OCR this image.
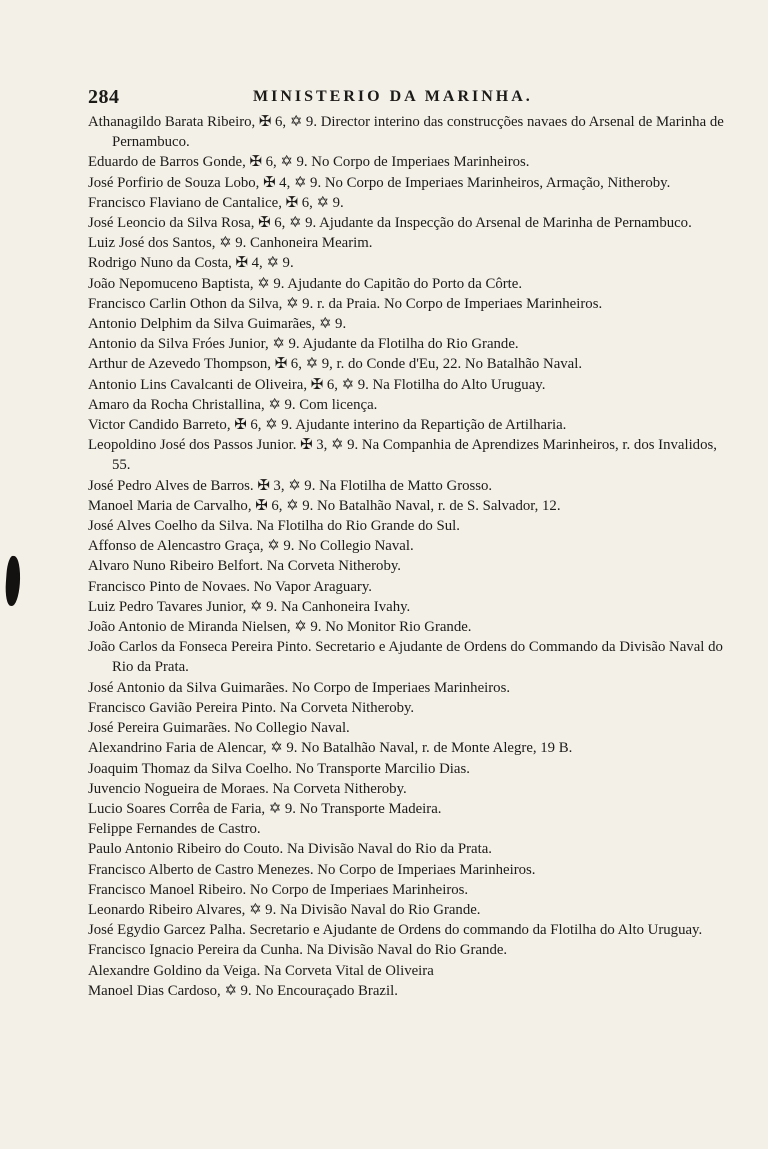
284	MINISTERIO DA MARINHA.
Athanagildo Barata Ribeiro, ✠ 6, ✡ 9. Director interino das construcções navaes do Arsenal de Marinha de Pernambuco.
Eduardo de Barros Gonde, ✠ 6, ✡ 9. No Corpo de Imperiaes Marinheiros.
José Porfirio de Souza Lobo, ✠ 4, ✡ 9. No Corpo de Imperiaes Marinheiros, Armação, Nitheroby.
Francisco Flaviano de Cantalice, ✠ 6, ✡ 9.
José Leoncio da Silva Rosa, ✠ 6, ✡ 9. Ajudante da Inspecção do Arsenal de Marinha de Pernambuco.
Luiz José dos Santos, ✡ 9. Canhoneira Mearim.
Rodrigo Nuno da Costa, ✠ 4, ✡ 9.
João Nepomuceno Baptista, ✡ 9. Ajudante do Capitão do Porto da Côrte.
Francisco Carlin Othon da Silva, ✡ 9. r. da Praia. No Corpo de Imperiaes Marinheiros.
Antonio Delphim da Silva Guimarães, ✡ 9.
Antonio da Silva Fróes Junior, ✡ 9. Ajudante da Flotilha do Rio Grande.
Arthur de Azevedo Thompson, ✠ 6, ✡ 9, r. do Conde d'Eu, 22. No Batalhão Naval.
Antonio Lins Cavalcanti de Oliveira, ✠ 6, ✡ 9. Na Flotilha do Alto Uruguay.
Amaro da Rocha Christallina, ✡ 9. Com licença.
Victor Candido Barreto, ✠ 6, ✡ 9. Ajudante interino da Repartição de Artilharia.
Leopoldino José dos Passos Junior. ✠ 3, ✡ 9. Na Companhia de Aprendizes Marinheiros, r. dos Invalidos, 55.
José Pedro Alves de Barros. ✠ 3, ✡ 9. Na Flotilha de Matto Grosso.
Manoel Maria de Carvalho, ✠ 6, ✡ 9. No Batalhão Naval, r. de S. Salvador, 12.
José Alves Coelho da Silva. Na Flotilha do Rio Grande do Sul.
Affonso de Alencastro Graça, ✡ 9. No Collegio Naval.
Alvaro Nuno Ribeiro Belfort. Na Corveta Nitheroby.
Francisco Pinto de Novaes. No Vapor Araguary.
Luiz Pedro Tavares Junior, ✡ 9. Na Canhoneira Ivahy.
João Antonio de Miranda Nielsen, ✡ 9. No Monitor Rio Grande.
João Carlos da Fonseca Pereira Pinto. Secretario e Ajudante de Ordens do Commando da Divisão Naval do Rio da Prata.
José Antonio da Silva Guimarães. No Corpo de Imperiaes Marinheiros.
Francisco Gavião Pereira Pinto. Na Corveta Nitheroby.
José Pereira Guimarães. No Collegio Naval.
Alexandrino Faria de Alencar, ✡ 9. No Batalhão Naval, r. de Monte Alegre, 19 B.
Joaquim Thomaz da Silva Coelho. No Transporte Marcilio Dias.
Juvencio Nogueira de Moraes. Na Corveta Nitheroby.
Lucio Soares Corrêa de Faria, ✡ 9. No Transporte Madeira.
Felippe Fernandes de Castro.
Paulo Antonio Ribeiro do Couto. Na Divisão Naval do Rio da Prata.
Francisco Alberto de Castro Menezes. No Corpo de Imperiaes Marinheiros.
Francisco Manoel Ribeiro. No Corpo de Imperiaes Marinheiros.
Leonardo Ribeiro Alvares, ✡ 9. Na Divisão Naval do Rio Grande.
José Egydio Garcez Palha. Secretario e Ajudante de Ordens do commando da Flotilha do Alto Uruguay.
Francisco Ignacio Pereira da Cunha. Na Divisão Naval do Rio Grande.
Alexandre Goldino da Veiga. Na Corveta Vital de Oliveira
Manoel Dias Cardoso, ✡ 9. No Encouraçado Brazil.
